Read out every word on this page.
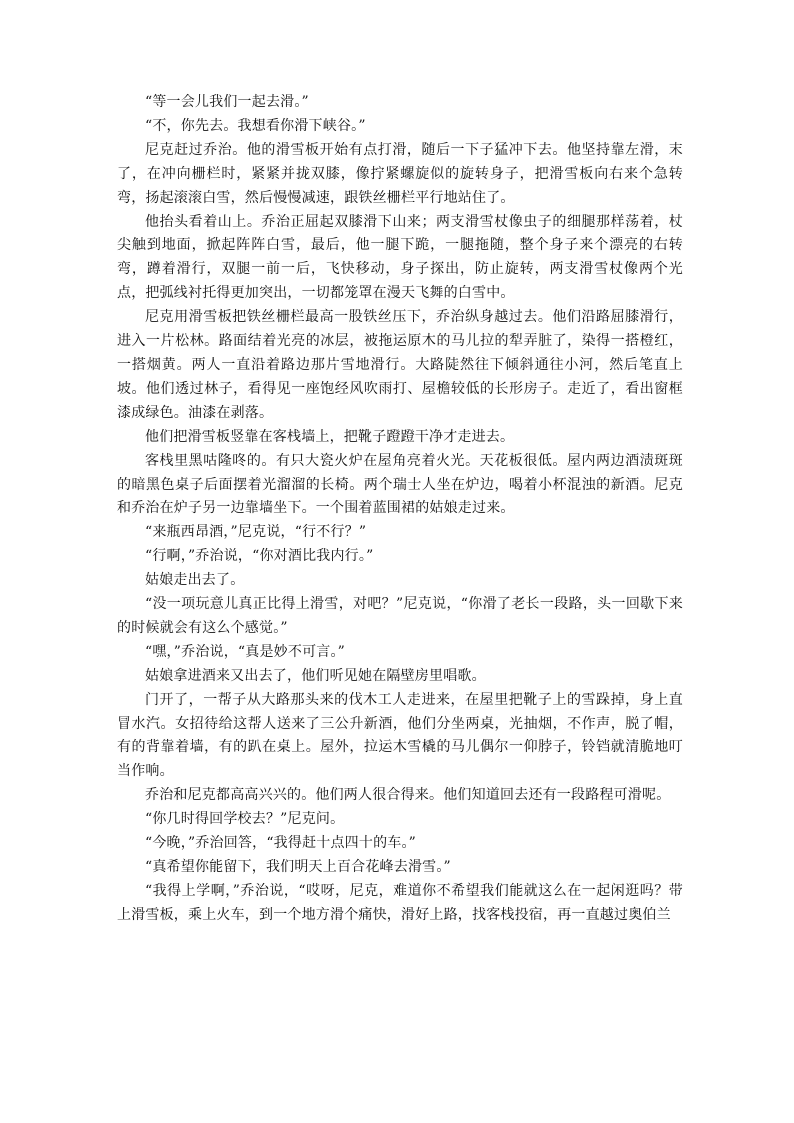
“等一会儿我们一起去滑。”

“不，你先去。我想看你滑下峡谷。”

尼克赶过乔治。他的滑雪板开始有点打滑，随后一下子猛冲下去。他坚持靠左滑，末了，在冲向栅栏时，紧紧并拢双膝，像拧紧螺旋似的旋转身子，把滑雪板向右来个急转弯，扬起滚滚白雪，然后慢慢减速，跟铁丝栅栏平行地站住了。

他抬头看着山上。乔治正屈起双膝滑下山来；两支滑雪杖像虫子的细腿那样荡着，杖尖触到地面，掀起阵阵白雪，最后，他一腿下跪，一腿拖随，整个身子来个漂亮的右转弯，蹲着滑行，双腿一前一后，飞快移动，身子探出，防止旋转，两支滑雪杖像两个光点，把弧线衬托得更加突出，一切都笼罩在漫天飞舞的白雪中。

尼克用滑雪板把铁丝栅栏最高一股铁丝压下，乔治纵身越过去。他们沿路屈膝滑行，进入一片松林。路面结着光亮的冰层，被拖运原木的马儿拉的犁弄脏了，染得一搭橙红，一搭烟黄。两人一直沿着路边那片雪地滑行。大路陡然往下倾斜通往小河，然后笔直上坡。他们透过林子，看得见一座饱经风吹雨打、屋檐较低的长形房子。走近了，看出窗框漆成绿色。油漆在剥落。

他们把滑雪板竖靠在客栈墙上，把靴子蹬蹬干净才走进去。

客栈里黑咕隆咚的。有只大瓷火炉在屋角亮着火光。天花板很低。屋内两边酒渍斑斑的暗黑色桌子后面摆着光溜溜的长椅。两个瑞士人坐在炉边，喝着小杯混浊的新酒。尼克和乔治在炉子另一边靠墙坐下。一个围着蓝围裙的姑娘走过来。

“来瓶西昂酒，”尼克说，“行不行？”

“行啊，”乔治说，“你对酒比我内行。”

姑娘走出去了。

“没一项玩意儿真正比得上滑雪，对吧？”尼克说，“你滑了老长一段路，头一回歇下来的时候就会有这么个感觉。”

“嘿，”乔治说，“真是妙不可言。”

姑娘拿进酒来又出去了，他们听见她在隔壁房里唱歌。

门开了，一帮子从大路那头来的伐木工人走进来，在屋里把靴子上的雪跺掉，身上直冒水汽。女招待给这帮人送来了三公升新酒，他们分坐两桌，光抽烟，不作声，脱了帽，有的背靠着墙，有的趴在桌上。屋外，拉运木雪橇的马儿偶尔一仰脖子，铃铛就清脆地叮当作响。

乔治和尼克都高高兴兴的。他们两人很合得来。他们知道回去还有一段路程可滑呢。

“你几时得回学校去？”尼克问。

“今晚，”乔治回答，“我得赶十点四十的车。”

“真希望你能留下，我们明天上百合花峰去滑雪。”

“我得上学啊，”乔治说，“哎呀，尼克，难道你不希望我们能就这么在一起闲逛吗？带上滑雪板，乘上火车，到一个地方滑个痛快，滑好上路，找客栈投宿，再一直越过奥伯兰
